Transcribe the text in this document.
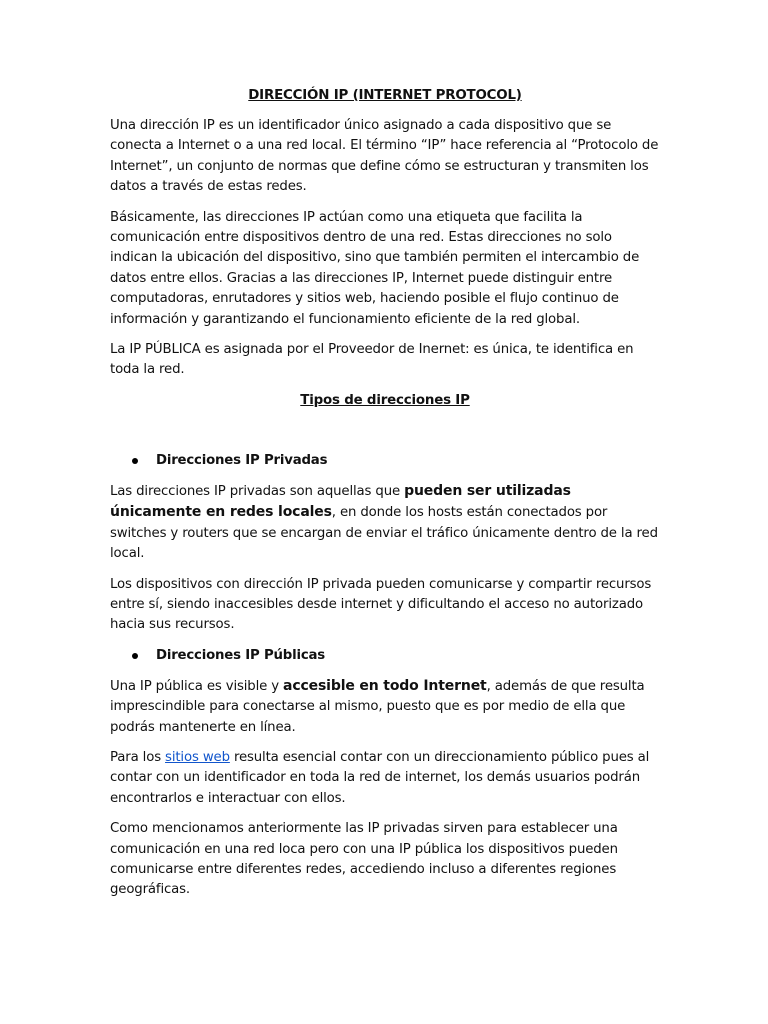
DIRECCIÓN IP (INTERNET PROTOCOL)

Una dirección IP es un identificador único asignado a cada dispositivo que se conecta a Internet o a una red local. El término “IP” hace referencia al “Protocolo de Internet”, un conjunto de normas que define cómo se estructuran y transmiten los datos a través de estas redes.

Básicamente, las direcciones IP actúan como una etiqueta que facilita la comunicación entre dispositivos dentro de una red. Estas direcciones no solo indican la ubicación del dispositivo, sino que también permiten el intercambio de datos entre ellos. Gracias a las direcciones IP, Internet puede distinguir entre computadoras, enrutadores y sitios web, haciendo posible el flujo continuo de información y garantizando el funcionamiento eficiente de la red global.

La IP PÚBLICA es asignada por el Proveedor de Inernet: es única, te identifica en toda la red.

Tipos de direcciones IP
Direcciones IP Privadas

Las direcciones IP privadas son aquellas que pueden ser utilizadas únicamente en redes locales, en donde los hosts están conectados por switches y routers que se encargan de enviar el tráfico únicamente dentro de la red local.

Los dispositivos con dirección IP privada pueden comunicarse y compartir recursos entre sí, siendo inaccesibles desde internet y dificultando el acceso no autorizado hacia sus recursos.

Direcciones IP Públicas

Una IP pública es visible y accesible en todo Internet, además de que resulta imprescindible para conectarse al mismo, puesto que es por medio de ella que podrás mantenerte en línea.

Para los sitios web resulta esencial contar con un direccionamiento público pues al contar con un identificador en toda la red de internet, los demás usuarios podrán encontrarlos e interactuar con ellos.

Como mencionamos anteriormente las IP privadas sirven para establecer una comunicación en una red loca pero con una IP pública los dispositivos pueden comunicarse entre diferentes redes, accediendo incluso a diferentes regiones geográficas.
